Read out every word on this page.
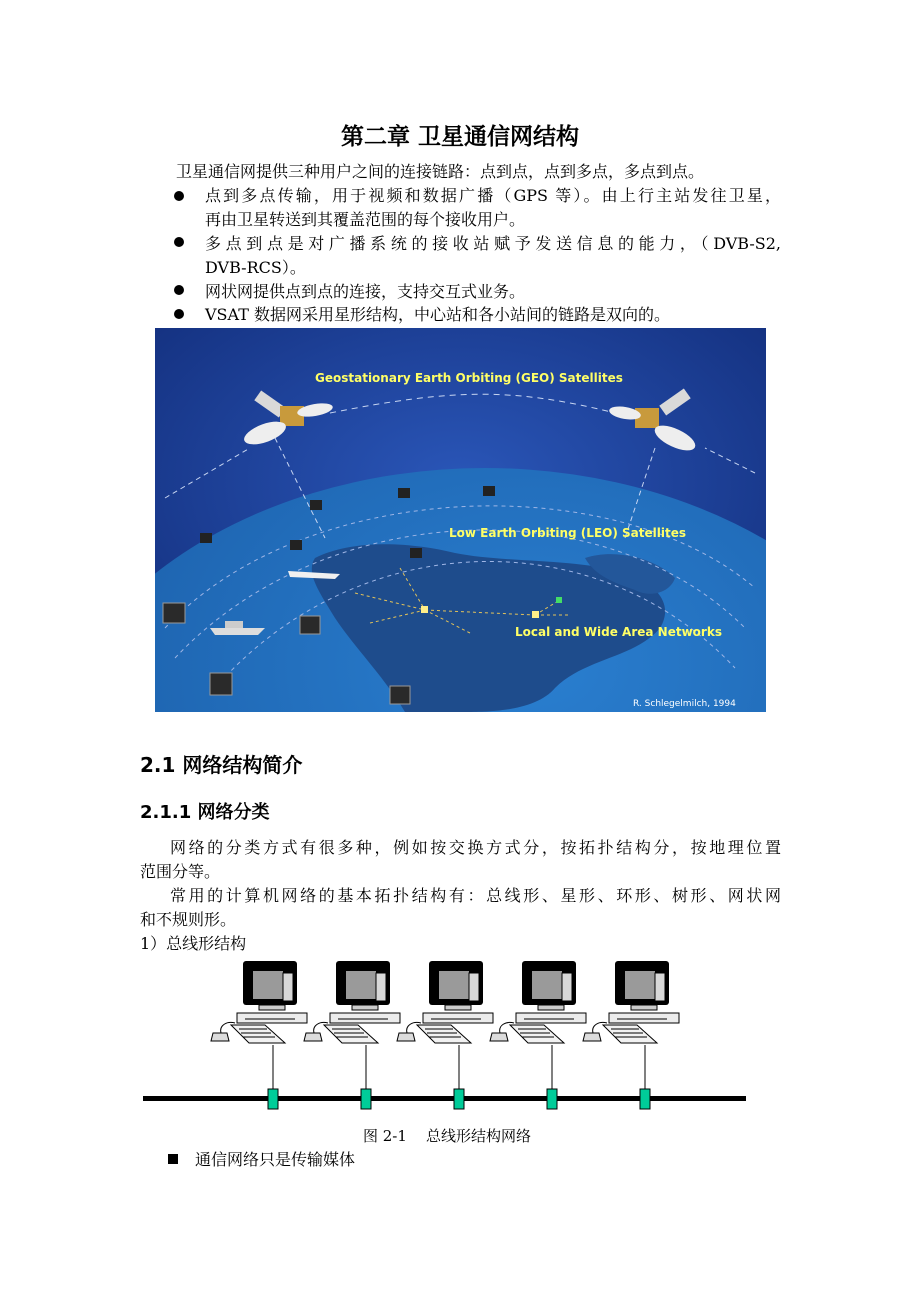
第二章 卫星通信网结构
卫星通信网提供三种用户之间的连接链路：点到点，点到多点，多点到点。
点到多点传输，用于视频和数据广播（GPS 等）。由上行主站发往卫星，
再由卫星转送到其覆盖范围的每个接收用户。
多点到点是对广播系统的接收站赋予发送信息的能力，（DVB-S2,
DVB-RCS）。
网状网提供点到点的连接，支持交互式业务。
VSAT 数据网采用星形结构，中心站和各小站间的链路是双向的。
Geostationary Earth Orbiting (GEO) Satellites
Low Earth Orbiting (LEO) Satellites
Local and Wide Area Networks
R. Schlegelmilch, 1994
2.1 网络结构简介
2.1.1 网络分类
网络的分类方式有很多种，例如按交换方式分，按拓扑结构分，按地理位置
范围分等。
常用的计算机网络的基本拓扑结构有：总线形、星形、环形、树形、网状网
和不规则形。
1）总线形结构
图 2-1    总线形结构网络
通信网络只是传输媒体
